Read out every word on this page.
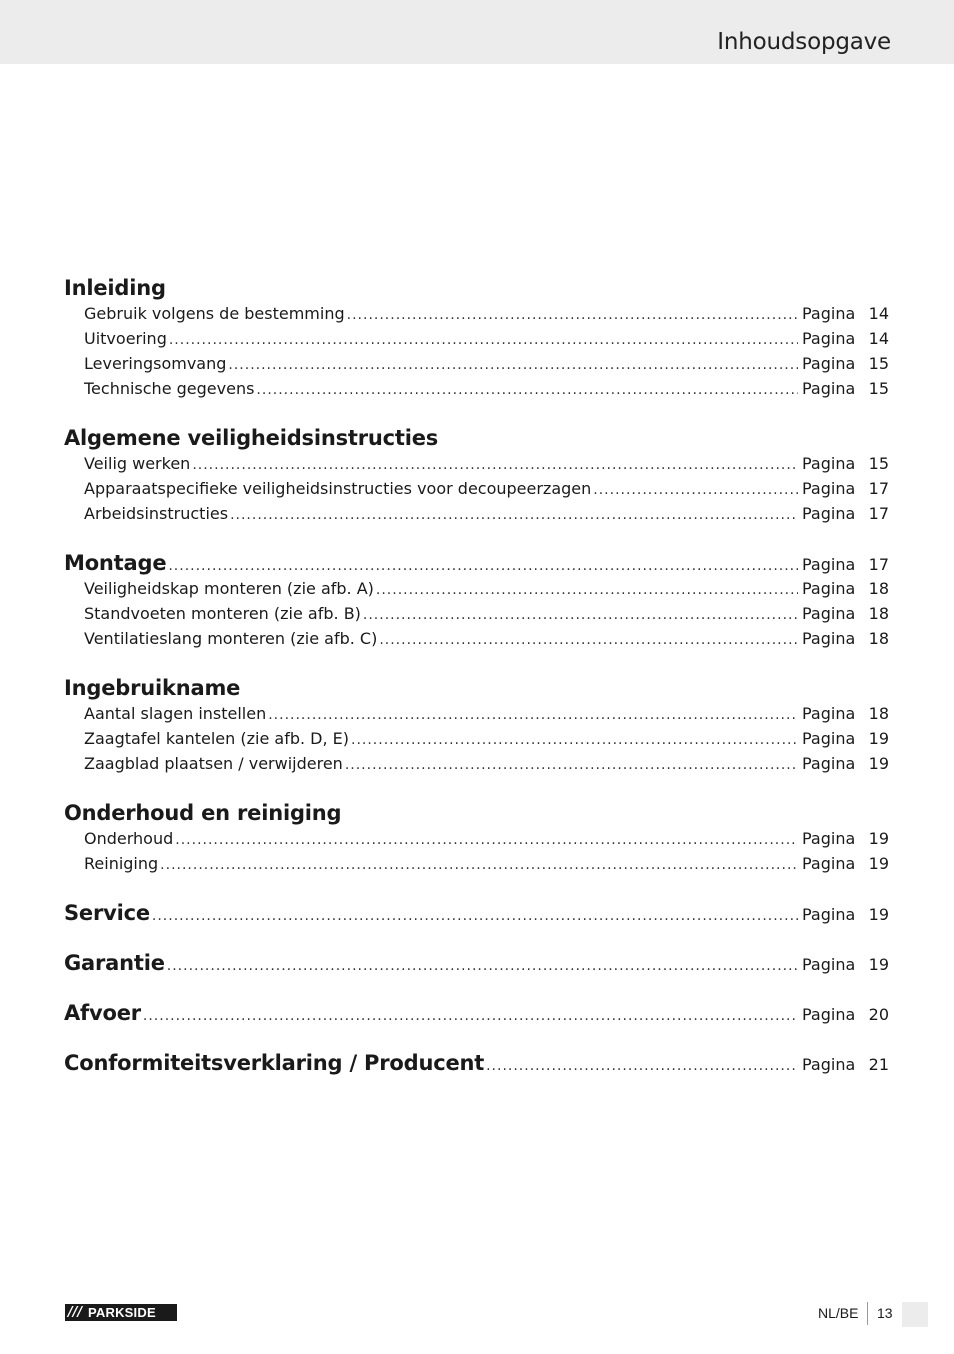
Inhoudsopgave
Inleiding
Gebruik volgens de bestemming .....	Pagina 14
Uitvoering .....	Pagina 14
Leveringsomvang .....	Pagina 15
Technische gegevens .....	Pagina 15
Algemene veiligheidsinstructies
Veilig werken .....	Pagina 15
Apparaatspecifieke veiligheidsinstructies voor decoupeerzagen .....	Pagina 17
Arbeidsinstructies .....	Pagina 17
Montage .....	Pagina 17
Veiligheidskap monteren (zie afb. A) .....	Pagina 18
Standvoeten monteren (zie afb. B) .....	Pagina 18
Ventilatieslang monteren (zie afb. C) .....	Pagina 18
Ingebruikname
Aantal slagen instellen .....	Pagina 18
Zaagtafel kantelen (zie afb. D, E) .....	Pagina 19
Zaagblad plaatsen / verwijderen .....	Pagina 19
Onderhoud en reiniging
Onderhoud .....	Pagina 19
Reiniging .....	Pagina 19
Service .....	Pagina 19
Garantie .....	Pagina 19
Afvoer .....	Pagina 20
Conformiteitsverklaring / Producent .....	Pagina 21
/// PARKSIDE	NL/BE 13
